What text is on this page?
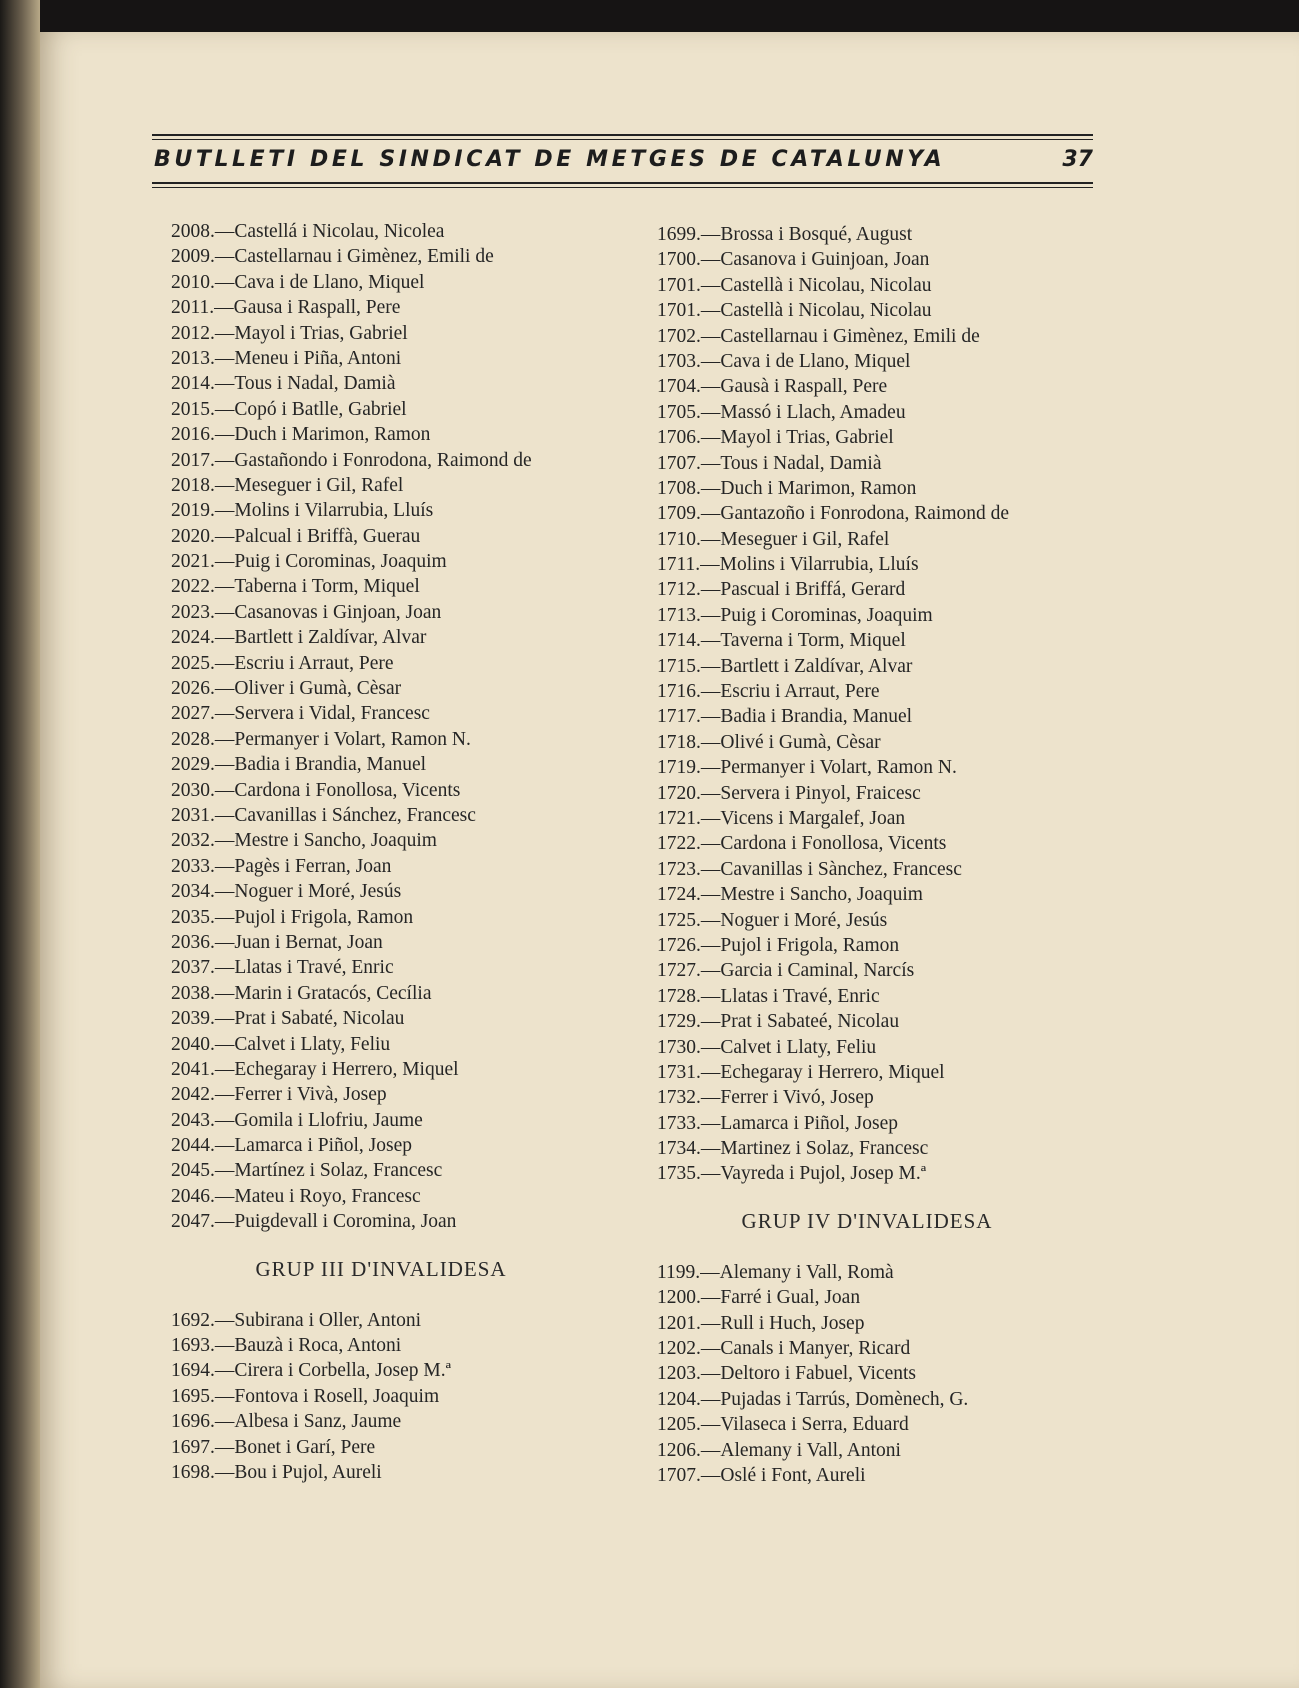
BUTLLETI DEL SINDICAT DE METGES DE CATALUNYA	37
2008.—Castellá i Nicolau, Nicolea
2009.—Castellarnau i Gimènez, Emili de
2010.—Cava i de Llano, Miquel
2011.—Gausa i Raspall, Pere
2012.—Mayol i Trias, Gabriel
2013.—Meneu i Piña, Antoni
2014.—Tous i Nadal, Damià
2015.—Copó i Batlle, Gabriel
2016.—Duch i Marimon, Ramon
2017.—Gastañondo i Fonrodona, Raimond de
2018.—Meseguer i Gil, Rafel
2019.—Molins i Vilarrubia, Lluís
2020.—Palcual i Briffà, Guerau
2021.—Puig i Corominas, Joaquim
2022.—Taberna i Torm, Miquel
2023.—Casanovas i Ginjoan, Joan
2024.—Bartlett i Zaldívar, Alvar
2025.—Escriu i Arraut, Pere
2026.—Oliver i Gumà, Cèsar
2027.—Servera i Vidal, Francesc
2028.—Permanyer i Volart, Ramon N.
2029.—Badia i Brandia, Manuel
2030.—Cardona i Fonollosa, Vicents
2031.—Cavanillas i Sánchez, Francesc
2032.—Mestre i Sancho, Joaquim
2033.—Pagès i Ferran, Joan
2034.—Noguer i Moré, Jesús
2035.—Pujol i Frigola, Ramon
2036.—Juan i Bernat, Joan
2037.—Llatas i Travé, Enric
2038.—Marin i Gratacós, Cecília
2039.—Prat i Sabaté, Nicolau
2040.—Calvet i Llaty, Feliu
2041.—Echegaray i Herrero, Miquel
2042.—Ferrer i Vivà, Josep
2043.—Gomila i Llofriu, Jaume
2044.—Lamarca i Piñol, Josep
2045.—Martínez i Solaz, Francesc
2046.—Mateu i Royo, Francesc
2047.—Puigdevall i Coromina, Joan
GRUP III D'INVALIDESA
1692.—Subirana i Oller, Antoni
1693.—Bauzà i Roca, Antoni
1694.—Cirera i Corbella, Josep M.ª
1695.—Fontova i Rosell, Joaquim
1696.—Albesa i Sanz, Jaume
1697.—Bonet i Garí, Pere
1698.—Bou i Pujol, Aureli
1699.—Brossa i Bosqué, August
1700.—Casanova i Guinjoan, Joan
1701.—Castellà i Nicolau, Nicolau
1701.—Castellà i Nicolau, Nicolau
1702.—Castellarnau i Gimènez, Emili de
1703.—Cava i de Llano, Miquel
1704.—Gausà i Raspall, Pere
1705.—Massó i Llach, Amadeu
1706.—Mayol i Trias, Gabriel
1707.—Tous i Nadal, Damià
1708.—Duch i Marimon, Ramon
1709.—Gantazoño i Fonrodona, Raimond de
1710.—Meseguer i Gil, Rafel
1711.—Molins i Vilarrubia, Lluís
1712.—Pascual i Briffá, Gerard
1713.—Puig i Corominas, Joaquim
1714.—Taverna i Torm, Miquel
1715.—Bartlett i Zaldívar, Alvar
1716.—Escriu i Arraut, Pere
1717.—Badia i Brandia, Manuel
1718.—Olivé i Gumà, Cèsar
1719.—Permanyer i Volart, Ramon N.
1720.—Servera i Pinyol, Fraicesc
1721.—Vicens i Margalef, Joan
1722.—Cardona i Fonollosa, Vicents
1723.—Cavanillas i Sànchez, Francesc
1724.—Mestre i Sancho, Joaquim
1725.—Noguer i Moré, Jesús
1726.—Pujol i Frigola, Ramon
1727.—Garcia i Caminal, Narcís
1728.—Llatas i Travé, Enric
1729.—Prat i Sabateé, Nicolau
1730.—Calvet i Llaty, Feliu
1731.—Echegaray i Herrero, Miquel
1732.—Ferrer i Vivó, Josep
1733.—Lamarca i Piñol, Josep
1734.—Martinez i Solaz, Francesc
1735.—Vayreda i Pujol, Josep M.ª
GRUP IV D'INVALIDESA
1199.—Alemany i Vall, Romà
1200.—Farré i Gual, Joan
1201.—Rull i Huch, Josep
1202.—Canals i Manyer, Ricard
1203.—Deltoro i Fabuel, Vicents
1204.—Pujadas i Tarrús, Domènech, G.
1205.—Vilaseca i Serra, Eduard
1206.—Alemany i Vall, Antoni
1707.—Oslé i Font, Aureli
